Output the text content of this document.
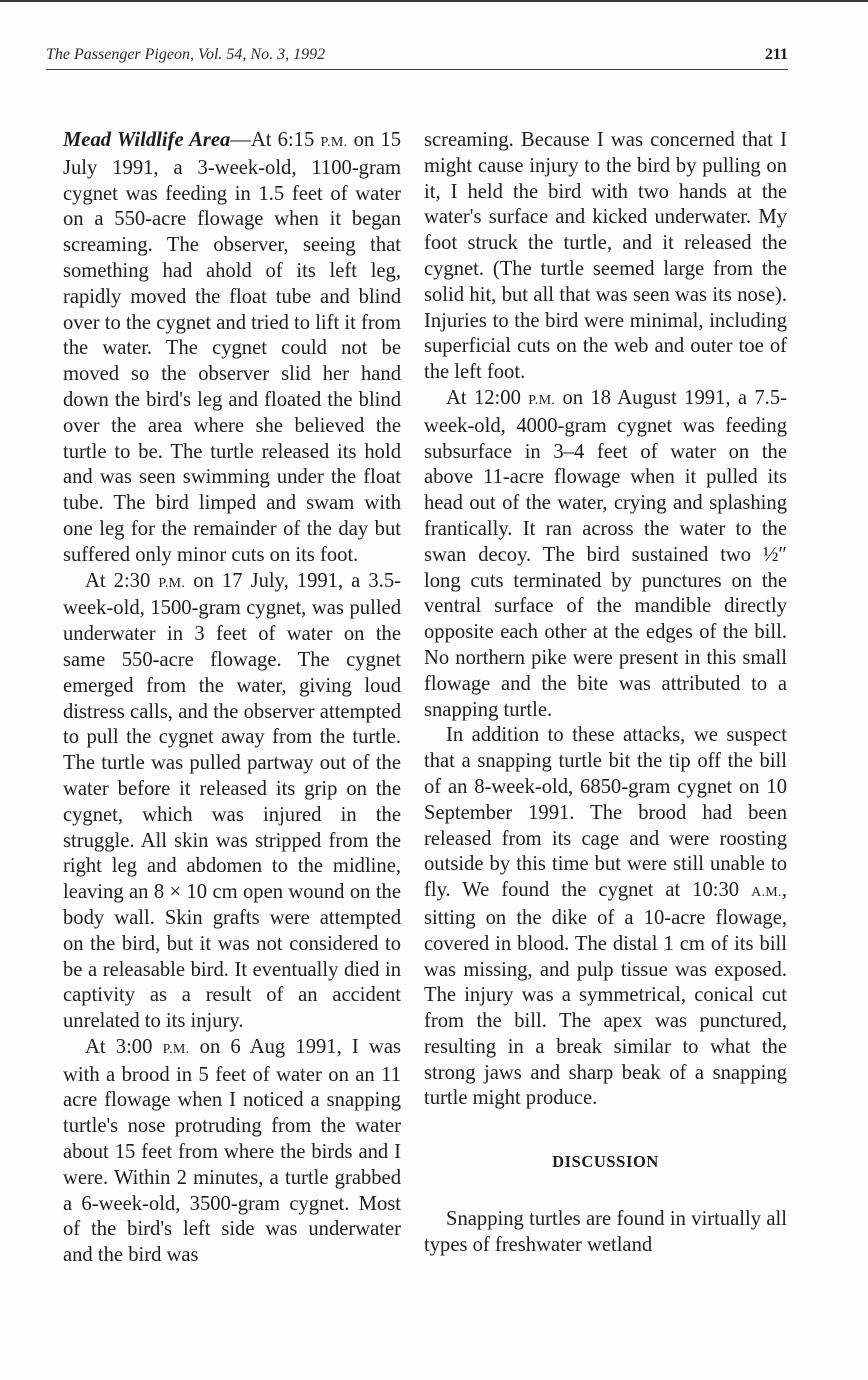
The Passenger Pigeon, Vol. 54, No. 3, 1992	211

Mead Wildlife Area—At 6:15 P.M. on 15 July 1991, a 3-week-old, 1100-gram cygnet was feeding in 1.5 feet of water on a 550-acre flowage when it began screaming. The observer, seeing that something had ahold of its left leg, rapidly moved the float tube and blind over to the cygnet and tried to lift it from the water. The cygnet could not be moved so the observer slid her hand down the bird's leg and floated the blind over the area where she believed the turtle to be. The turtle released its hold and was seen swimming under the float tube. The bird limped and swam with one leg for the remainder of the day but suffered only minor cuts on its foot.

At 2:30 P.M. on 17 July, 1991, a 3.5-week-old, 1500-gram cygnet, was pulled underwater in 3 feet of water on the same 550-acre flowage. The cygnet emerged from the water, giving loud distress calls, and the observer attempted to pull the cygnet away from the turtle. The turtle was pulled partway out of the water before it released its grip on the cygnet, which was injured in the struggle. All skin was stripped from the right leg and abdomen to the midline, leaving an 8 × 10 cm open wound on the body wall. Skin grafts were attempted on the bird, but it was not considered to be a releasable bird. It eventually died in captivity as a result of an accident unrelated to its injury.

At 3:00 P.M. on 6 Aug 1991, I was with a brood in 5 feet of water on an 11 acre flowage when I noticed a snapping turtle's nose protruding from the water about 15 feet from where the birds and I were. Within 2 minutes, a turtle grabbed a 6-week-old, 3500-gram cygnet. Most of the bird's left side was underwater and the bird was

screaming. Because I was concerned that I might cause injury to the bird by pulling on it, I held the bird with two hands at the water's surface and kicked underwater. My foot struck the turtle, and it released the cygnet. (The turtle seemed large from the solid hit, but all that was seen was its nose). Injuries to the bird were minimal, including superficial cuts on the web and outer toe of the left foot.

At 12:00 P.M. on 18 August 1991, a 7.5-week-old, 4000-gram cygnet was feeding subsurface in 3–4 feet of water on the above 11-acre flowage when it pulled its head out of the water, crying and splashing frantically. It ran across the water to the swan decoy. The bird sustained two ½″ long cuts terminated by punctures on the ventral surface of the mandible directly opposite each other at the edges of the bill. No northern pike were present in this small flowage and the bite was attributed to a snapping turtle.

In addition to these attacks, we suspect that a snapping turtle bit the tip off the bill of an 8-week-old, 6850-gram cygnet on 10 September 1991. The brood had been released from its cage and were roosting outside by this time but were still unable to fly. We found the cygnet at 10:30 A.M., sitting on the dike of a 10-acre flowage, covered in blood. The distal 1 cm of its bill was missing, and pulp tissue was exposed. The injury was a symmetrical, conical cut from the bill. The apex was punctured, resulting in a break similar to what the strong jaws and sharp beak of a snapping turtle might produce.

DISCUSSION

Snapping turtles are found in virtually all types of freshwater wetland
